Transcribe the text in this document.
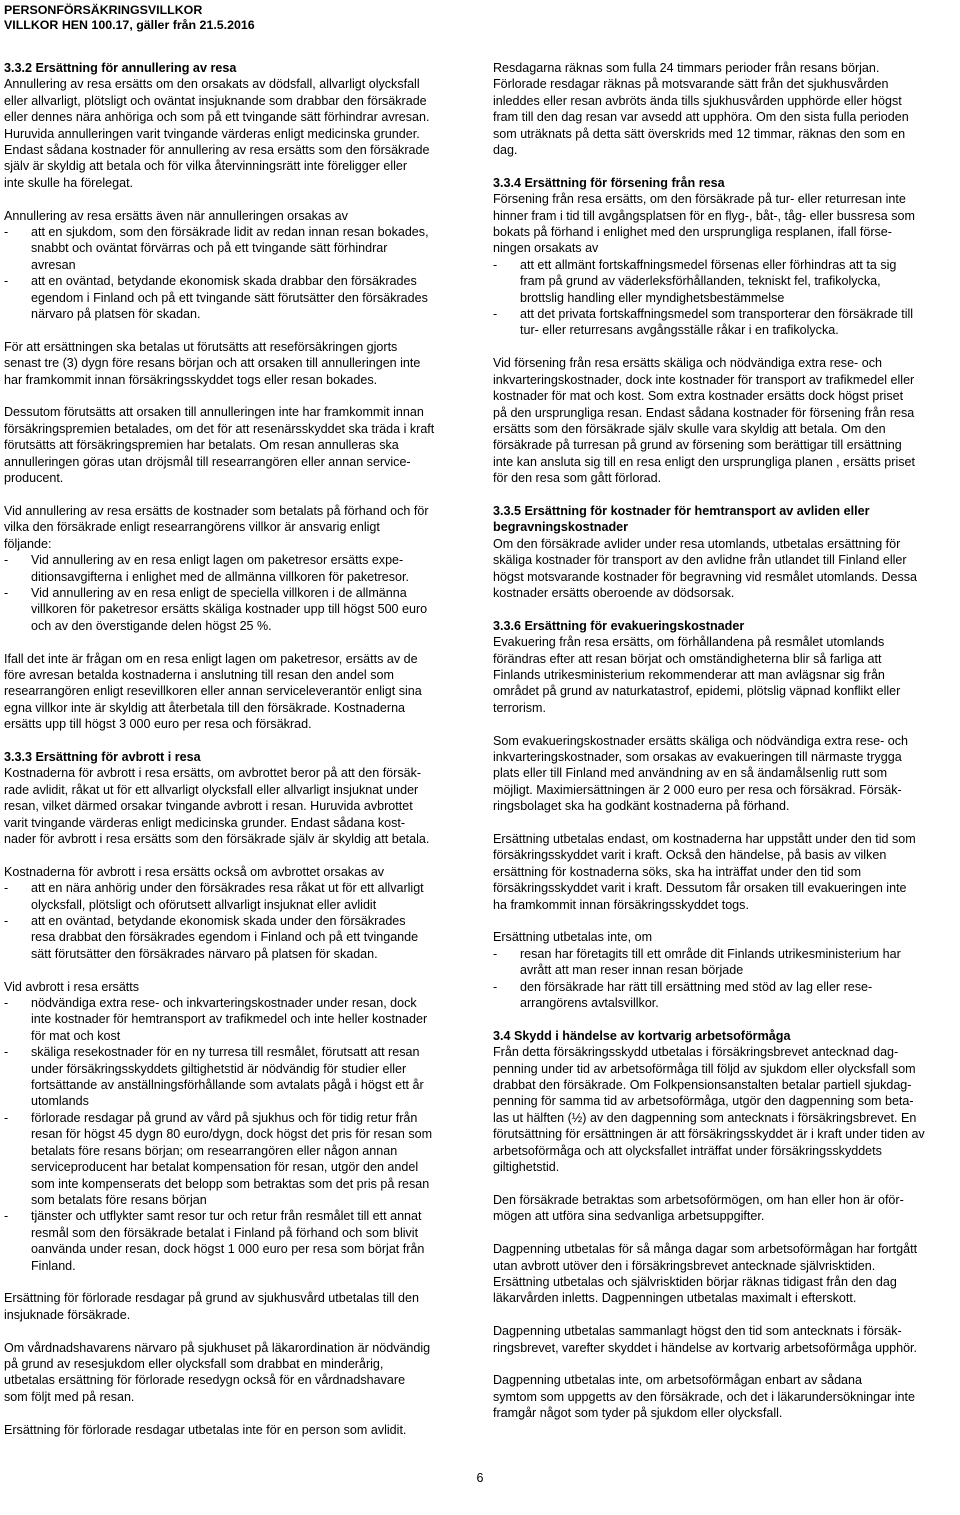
PERSONFÖRSÄKRINGSVILLKOR
VILLKOR HEN 100.17, gäller från 21.5.2016
3.3.2 Ersättning för annullering av resa

Annullering av resa ersätts om den orsakats av dödsfall, allvarligt olycksfall
eller allvarligt, plötsligt och oväntat insjuknande som drabbar den försäkrade
eller dennes nära anhöriga och som på ett tvingande sätt förhindrar avresan.
Huruvida annulleringen varit tvingande värderas enligt medicinska grunder.
Endast sådana kostnader för annullering av resa ersätts som den försäkrade
själv är skyldig att betala och för vilka återvinningsrätt inte föreligger eller
inte skulle ha förelegat.

Annullering av resa ersätts även när annulleringen orsakas av

-	att en sjukdom, som den försäkrade lidit av redan innan resan bokades,
snabbt och oväntat förvärras och på ett tvingande sätt förhindrar
avresan
-	att en oväntad, betydande ekonomisk skada drabbar den försäkrades
egendom i Finland och på ett tvingande sätt förutsätter den försäkrades
närvaro på platsen för skadan.

För att ersättningen ska betalas ut förutsätts att reseförsäkringen gjorts
senast tre (3) dygn före resans början och att orsaken till annulleringen inte
har framkommit innan försäkringsskyddet togs eller resan bokades.

Dessutom förutsätts att orsaken till annulleringen inte har framkommit innan
försäkringspremien betalades, om det för att resenärsskyddet ska träda i kraft
förutsätts att försäkringspremien har betalats. Om resan annulleras ska
annulleringen göras utan dröjsmål till researrangören eller annan service-
producent.

Vid annullering av resa ersätts de kostnader som betalats på förhand och för
vilka den försäkrade enligt researrangörens villkor är ansvarig enligt
följande:

-	Vid annullering av en resa enligt lagen om paketresor ersätts expe-
ditionsavgifterna i enlighet med de allmänna villkoren för paketresor.
-	Vid annullering av en resa enligt de speciella villkoren i de allmänna
villkoren för paketresor ersätts skäliga kostnader upp till högst 500 euro
och av den överstigande delen högst 25 %.

Ifall det inte är frågan om en resa enligt lagen om paketresor, ersätts av de
före avresan betalda kostnaderna i anslutning till resan den andel som
researrangören enligt resevillkoren eller annan serviceleverantör enligt sina
egna villkor inte är skyldig att återbetala till den försäkrade. Kostnaderna
ersätts upp till högst 3 000 euro per resa och försäkrad.

3.3.3 Ersättning för avbrott i resa

Kostnaderna för avbrott i resa ersätts, om avbrottet beror på att den försäk-
rade avlidit, råkat ut för ett allvarligt olycksfall eller allvarligt insjuknat under
resan, vilket därmed orsakar tvingande avbrott i resan. Huruvida avbrottet
varit tvingande värderas enligt medicinska grunder. Endast sådana kost-
nader för avbrott i resa ersätts som den försäkrade själv är skyldig att betala.

Kostnaderna för avbrott i resa ersätts också om avbrottet orsakas av

-	att en nära anhörig under den försäkrades resa råkat ut för ett allvarligt
olycksfall, plötsligt och oförutsett allvarligt insjuknat eller avlidit
-	att en oväntad, betydande ekonomisk skada under den försäkrades
resa drabbat den försäkrades egendom i Finland och på ett tvingande
sätt förutsätter den försäkrades närvaro på platsen för skadan.

Vid avbrott i resa ersätts

-	nödvändiga extra rese- och inkvarteringskostnader under resan, dock
inte kostnader för hemtransport av trafikmedel och inte heller kostnader
för mat och kost
-	skäliga resekostnader för en ny turresa till resmålet, förutsatt att resan
under försäkringsskyddets giltighetstid är nödvändig för studier eller
fortsättande av anställningsförhållande som avtalats pågå i högst ett år
utomlands
-	förlorade resdagar på grund av vård på sjukhus och för tidig retur från
resan för högst 45 dygn 80 euro/dygn, dock högst det pris för resan som
betalats före resans början; om researrangören eller någon annan
serviceproducent har betalat kompensation för resan, utgör den andel
som inte kompenserats det belopp som betraktas som det pris på resan
som betalats före resans början
-	tjänster och utflykter samt resor tur och retur från resmålet till ett annat
resmål som den försäkrade betalat i Finland på förhand och som blivit
oanvända under resan, dock högst 1 000 euro per resa som börjat från
Finland.

Ersättning för förlorade resdagar på grund av sjukhusvård utbetalas till den
insjuknade försäkrade.

Om vårdnadshavarens närvaro på sjukhuset på läkarordination är nödvändig
på grund av resesjukdom eller olycksfall som drabbat en minderårig,
utbetalas ersättning för förlorade resedygn också för en vårdnadshavare
som följt med på resan.

Ersättning för förlorade resdagar utbetalas inte för en person som avlidit.

Resdagarna räknas som fulla 24 timmars perioder från resans början.
Förlorade resdagar räknas på motsvarande sätt från det sjukhusvården
inleddes eller resan avbröts ända tills sjukhusvården upphörde eller högst
fram till den dag resan var avsedd att upphöra. Om den sista fulla perioden
som uträknats på detta sätt överskrids med 12 timmar, räknas den som en
dag.

3.3.4 Ersättning för försening från resa

Försening från resa ersätts, om den försäkrade på tur- eller returresan inte
hinner fram i tid till avgångsplatsen för en flyg-, båt-, tåg- eller bussresa som
bokats på förhand i enlighet med den ursprungliga resplanen, ifall förse-
ningen orsakats av

-	att ett allmänt fortskaffningsmedel försenas eller förhindras att ta sig
fram på grund av väderleksförhållanden, tekniskt fel, trafikolycka,
brottslig handling eller myndighetsbestämmelse
-	att det privata fortskaffningsmedel som transporterar den försäkrade till
tur- eller returresans avgångsställe råkar i en trafikolycka.

Vid försening från resa ersätts skäliga och nödvändiga extra rese- och
inkvarteringskostnader, dock inte kostnader för transport av trafikmedel eller
kostnader för mat och kost. Som extra kostnader ersätts dock högst priset
på den ursprungliga resan. Endast sådana kostnader för försening från resa
ersätts som den försäkrade själv skulle vara skyldig att betala. Om den
försäkrade på turresan på grund av försening som berättigar till ersättning
inte kan ansluta sig till en resa enligt den ursprungliga planen , ersätts priset
för den resa som gått förlorad.

3.3.5 Ersättning för kostnader för hemtransport av avliden eller
begravningskostnader

Om den försäkrade avlider under resa utomlands, utbetalas ersättning för
skäliga kostnader för transport av den avlidne från utlandet till Finland eller
högst motsvarande kostnader för begravning vid resmålet utomlands. Dessa
kostnader ersätts oberoende av dödsorsak.

3.3.6 Ersättning för evakueringskostnader

Evakuering från resa ersätts, om förhållandena på resmålet utomlands
förändras efter att resan börjat och omständigheterna blir så farliga att
Finlands utrikesministerium rekommenderar att man avlägsnar sig från
området på grund av naturkatastrof, epidemi, plötslig väpnad konflikt eller
terrorism.

Som evakueringskostnader ersätts skäliga och nödvändiga extra rese- och
inkvarteringskostnader, som orsakas av evakueringen till närmaste trygga
plats eller till Finland med användning av en så ändamålsenlig rutt som
möjligt. Maximiersättningen är 2 000 euro per resa och försäkrad. Försäk-
ringsbolaget ska ha godkänt kostnaderna på förhand.

Ersättning utbetalas endast, om kostnaderna har uppstått under den tid som
försäkringsskyddet varit i kraft. Också den händelse, på basis av vilken
ersättning för kostnaderna söks, ska ha inträffat under den tid som
försäkringsskyddet varit i kraft. Dessutom får orsaken till evakueringen inte
ha framkommit innan försäkringsskyddet togs.

Ersättning utbetalas inte, om

-	resan har företagits till ett område dit Finlands utrikesministerium har
avrått att man reser innan resan började
-	den försäkrade har rätt till ersättning med stöd av lag eller rese-
arrangörens avtalsvillkor.
3.4 Skydd i händelse av kortvarig arbetsoförmåga

Från detta försäkringsskydd utbetalas i försäkringsbrevet antecknad dag-
penning under tid av arbetsoförmåga till följd av sjukdom eller olycksfall som
drabbat den försäkrade. Om Folkpensionsanstalten betalar partiell sjukdag-
penning för samma tid av arbetsoförmåga, utgör den dagpenning som beta-
las ut hälften (½) av den dagpenning som antecknats i försäkringsbrevet. En
förutsättning för ersättningen är att försäkringsskyddet är i kraft under tiden av
arbetsoförmåga och att olycksfallet inträffat under försäkringsskyddets
giltighetstid.

Den försäkrade betraktas som arbetsoförmögen, om han eller hon är oför-
mögen att utföra sina sedvanliga arbetsuppgifter.

Dagpenning utbetalas för så många dagar som arbetsoförmågan har fortgått
utan avbrott utöver den i försäkringsbrevet antecknade självrisktiden.
Ersättning utbetalas och självrisktiden börjar räknas tidigast från den dag
läkarvården inletts. Dagpenningen utbetalas maximalt i efterskott.

Dagpenning utbetalas sammanlagt högst den tid som antecknats i försäk-
ringsbrevet, varefter skyddet i händelse av kortvarig arbetsoförmåga upphör.

Dagpenning utbetalas inte, om arbetsoförmågan enbart av sådana
symtom som uppgetts av den försäkrade, och det i läkarundersökningar inte
framgår något som tyder på sjukdom eller olycksfall.

6
